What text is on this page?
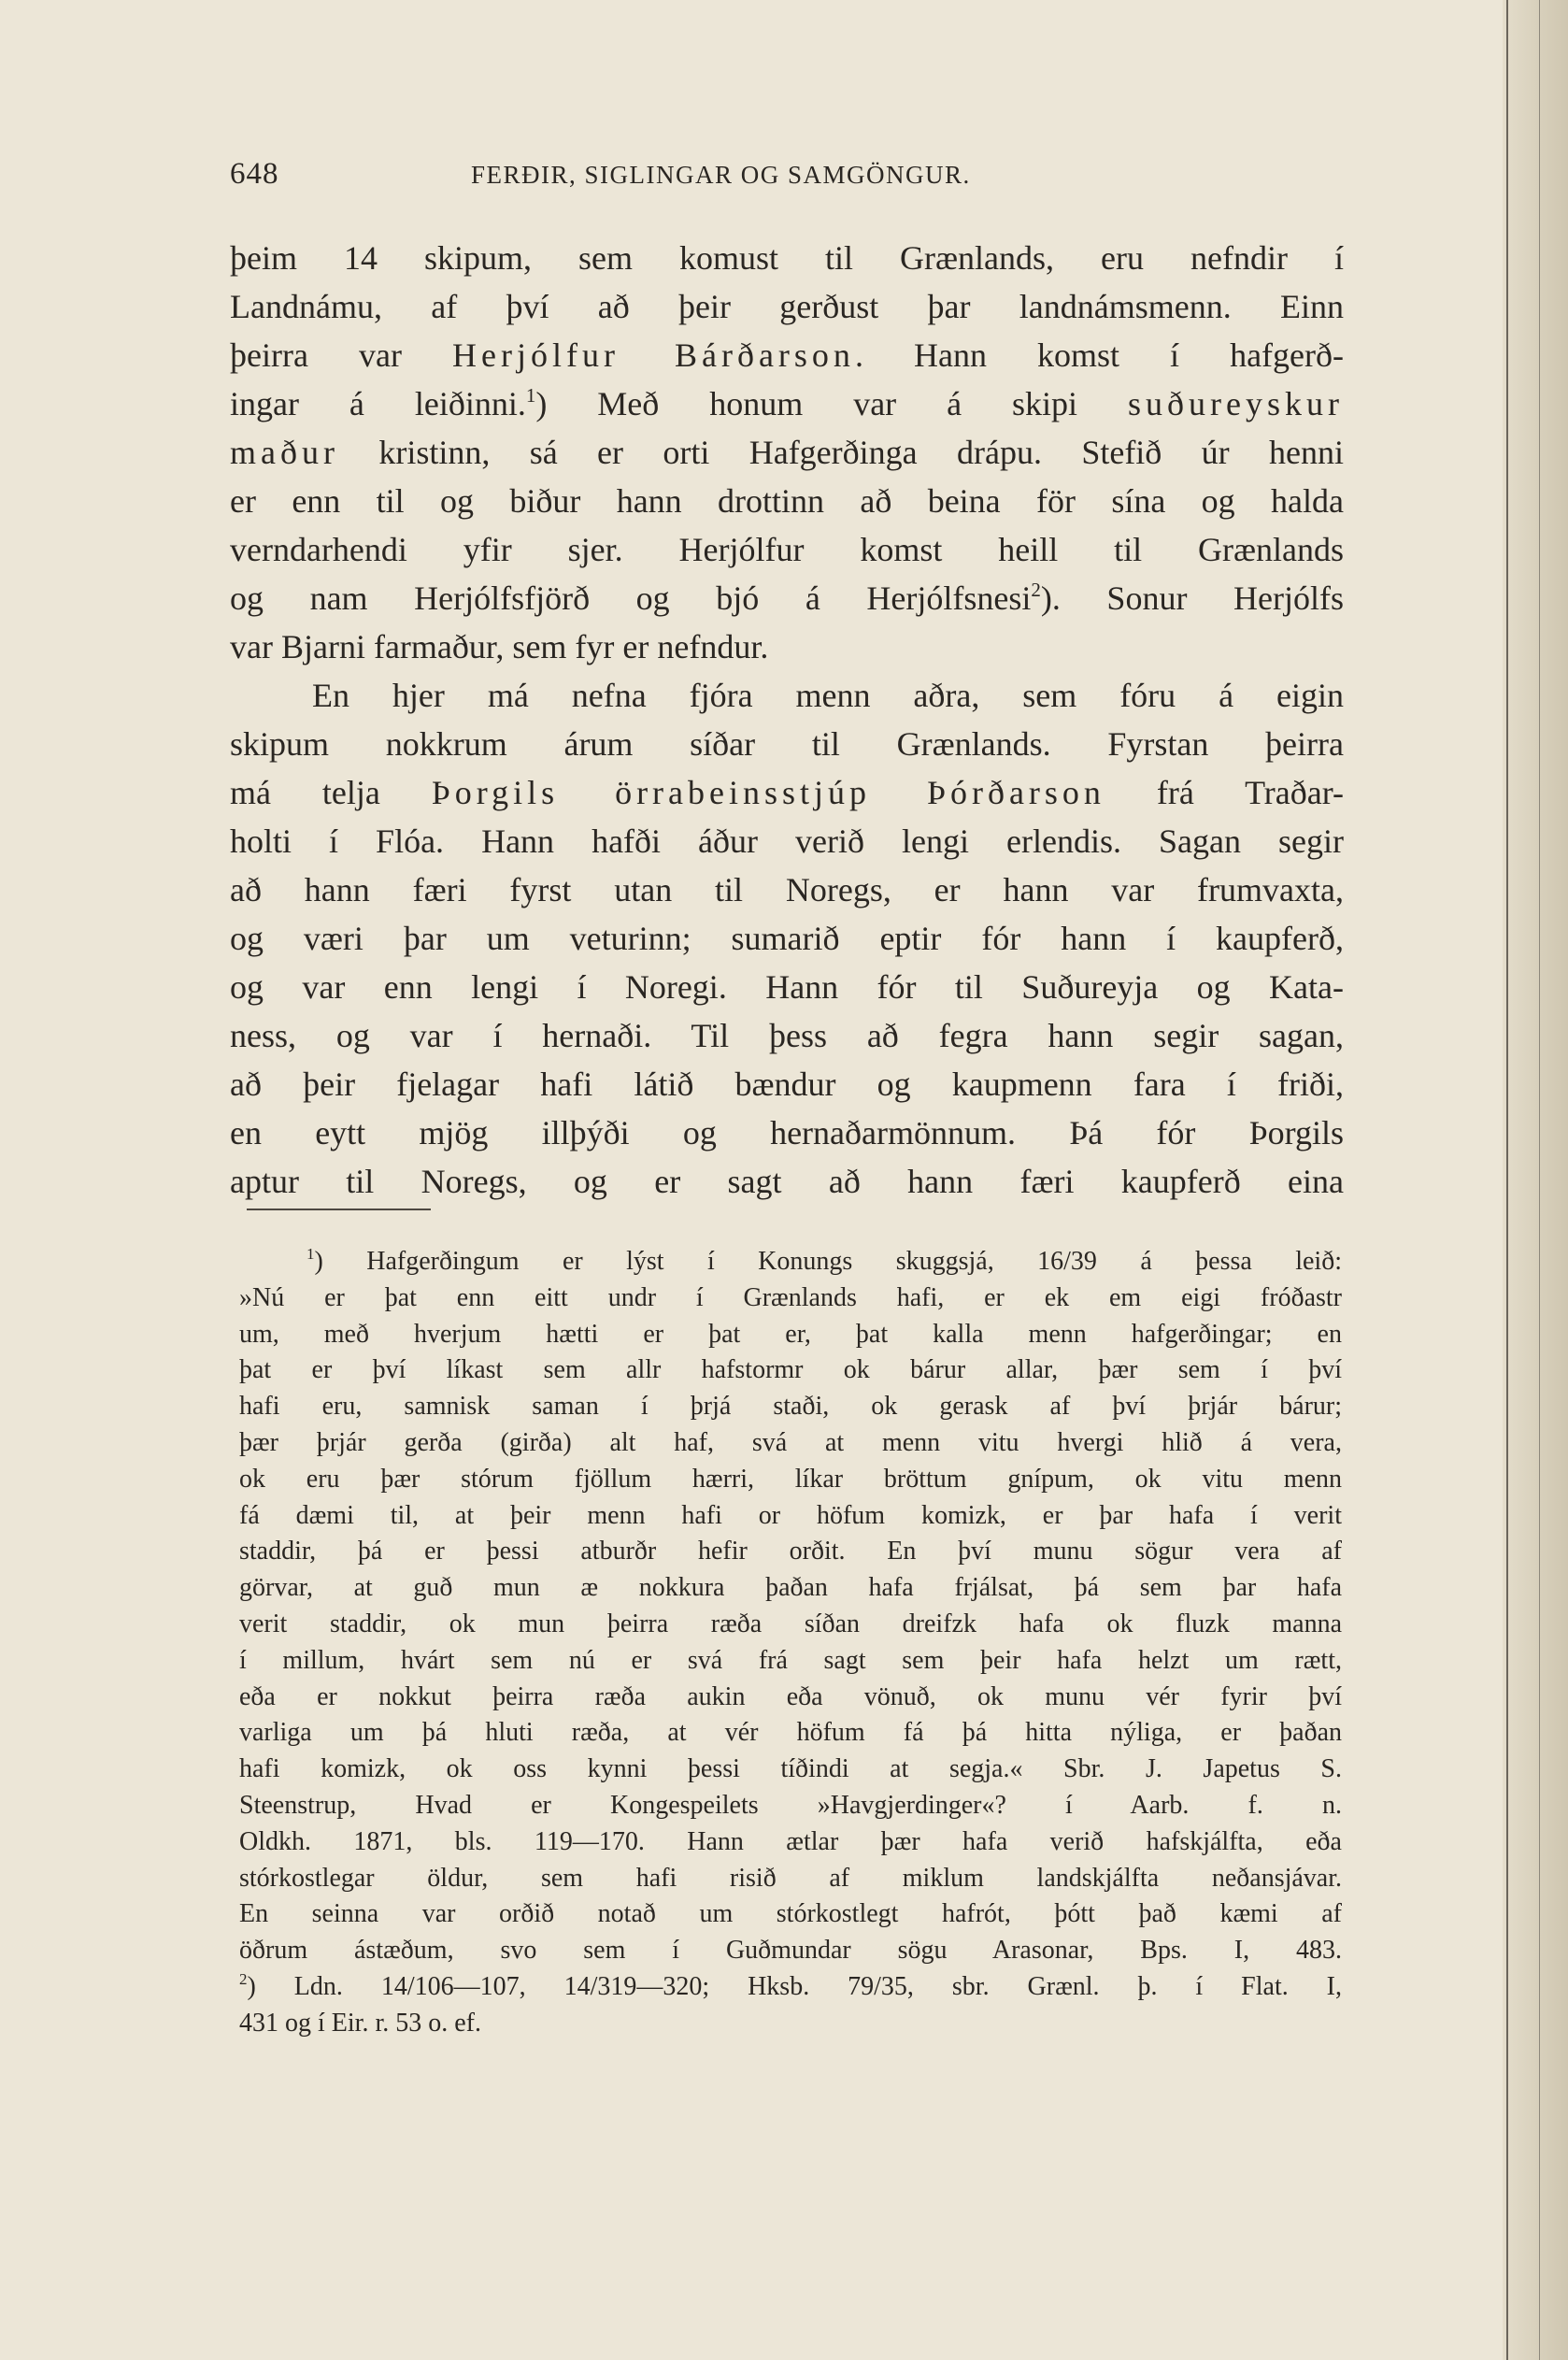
648	FERÐIR, SIGLINGAR OG SAMGÖNGUR.
þeim 14 skipum, sem komust til Grænlands, eru nefndir í
Landnámu, af því að þeir gerðust þar landnámsmenn. Einn
þeirra var Herjólfur Bárðarson. Hann komst í hafgerð-
ingar á leiðinni.$^1$) Með honum var á skipi suðureyskur
maður kristinn, sá er orti Hafgerðinga drápu. Stefið úr henni
er enn til og biður hann drottinn að beina för sína og halda
verndarhendi yfir sjer. Herjólfur komst heill til Grænlands
og nam Herjólfsfjörð og bjó á Herjólfsnesi$^2$). Sonur Herjólfs
var Bjarni farmaður, sem fyr er nefndur.
En hjer má nefna fjóra menn aðra, sem fóru á eigin
skipum nokkrum árum síðar til Grænlands. Fyrstan þeirra
má telja Þorgils örrabeinsstjúp Þórðarson frá Traðar-
holti í Flóa. Hann hafði áður verið lengi erlendis. Sagan segir
að hann færi fyrst utan til Noregs, er hann var frumvaxta,
og væri þar um veturinn; sumarið eptir fór hann í kaupferð,
og var enn lengi í Noregi. Hann fór til Suðureyja og Kata-
ness, og var í hernaði. Til þess að fegra hann segir sagan,
að þeir fjelagar hafi látið bændur og kaupmenn fara í friði,
en eytt mjög illþýði og hernaðarmönnum. Þá fór Þorgils
aptur til Noregs, og er sagt að hann færi kaupferð eina
$^1$) Hafgerðingum er lýst í Konungs skuggsjá, 16/39 á þessa leið:
»Nú er þat enn eitt undr í Grænlands hafi, er ek em eigi fróðastr
um, með hverjum hætti er þat er, þat kalla menn hafgerðingar; en
þat er því líkast sem allr hafstormr ok bárur allar, þær sem í því
hafi eru, samnisk saman í þrjá staði, ok gerask af því þrjár bárur;
þær þrjár gerða (girða) alt haf, svá at menn vitu hvergi hlið á vera,
ok eru þær stórum fjöllum hærri, líkar bröttum gnípum, ok vitu menn
fá dæmi til, at þeir menn hafi or höfum komizk, er þar hafa í verit
staddir, þá er þessi atburðr hefir orðit. En því munu sögur vera af
görvar, at guð mun æ nokkura þaðan hafa frjálsat, þá sem þar hafa
verit staddir, ok mun þeirra ræða síðan dreifzk hafa ok fluzk manna
í millum, hvárt sem nú er svá frá sagt sem þeir hafa helzt um rætt,
eða er nokkut þeirra ræða aukin eða vönuð, ok munu vér fyrir því
varliga um þá hluti ræða, at vér höfum fá þá hitta nýliga, er þaðan
hafi komizk, ok oss kynni þessi tíðindi at segja.« Sbr. J. Japetus S.
Steenstrup, Hvad er Kongespeilets »Havgjerdinger«? í Aarb. f. n.
Oldkh. 1871, bls. 119—170. Hann ætlar þær hafa verið hafskjálfta, eða
stórkostlegar öldur, sem hafi risið af miklum landskjálfta neðansjávar.
En seinna var orðið notað um stórkostlegt hafrót, þótt það kæmi af
öðrum ástæðum, svo sem í Guðmundar sögu Arasonar, Bps. I, 483.
$^2$) Ldn. 14/106—107, 14/319—320; Hksb. 79/35, sbr. Grænl. þ. í Flat. I,
431 og í Eir. r. 53 o. ef.
